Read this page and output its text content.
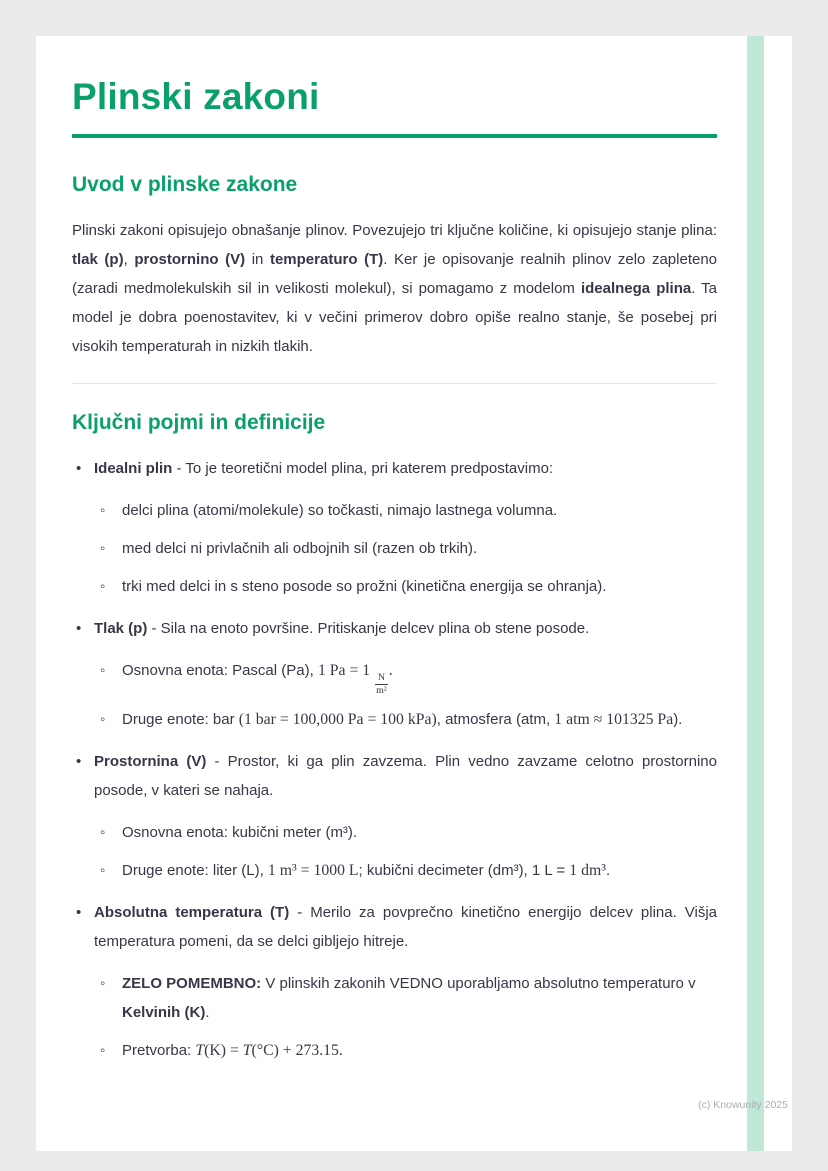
Plinski zakoni
Uvod v plinske zakone

Plinski zakoni opisujejo obnašanje plinov. Povezujejo tri ključne količine, ki opisujejo stanje plina: tlak (p), prostornino (V) in temperaturo (T). Ker je opisovanje realnih plinov zelo zapleteno (zaradi medmolekulskih sil in velikosti molekul), si pomagamo z modelom idealnega plina. Ta model je dobra poenostavitev, ki v večini primerov dobro opiše realno stanje, še posebej pri visokih temperaturah in nizkih tlakih.

Ključni pojmi in definicije
• Idealni plin - To je teoretični model plina, pri katerem predpostavimo:
◦ delci plina (atomi/molekule) so točkasti, nimajo lastnega volumna.
◦ med delci ni privlačnih ali odbojnih sil (razen ob trkih).
◦ trki med delci in s steno posode so prožni (kinetična energija se ohranja).
• Tlak (p) - Sila na enoto površine. Pritiskanje delcev plina ob stene posode.
◦ Osnovna enota: Pascal (Pa), 1 Pa = 1
$\frac{N}{\text{m²}}$
.
◦ Druge enote: bar (1 bar = 100,000 Pa = 100 kPa), atmosfera (atm, 1 atm ≈ 101325 Pa).
• Prostornina (V) - Prostor, ki ga plin zavzema. Plin vedno zavzame celotno prostornino posode, v kateri se nahaja.
◦ Osnovna enota: kubični meter (m³).
◦ Druge enote: liter (L), 1 m³ = 1000 L; kubični decimeter (dm³), 1 L = 1 dm³.
• Absolutna temperatura (T) - Merilo za povprečno kinetično energijo delcev plina. Višja temperatura pomeni, da se delci gibljejo hitreje.
◦ ZELO POMEMBNO: V plinskih zakonih VEDNO uporabljamo absolutno temperaturo v Kelvinih (K).
◦ Pretvorba: T(K) = T(°C) + 273.15.
(c) Knowunity 2025
